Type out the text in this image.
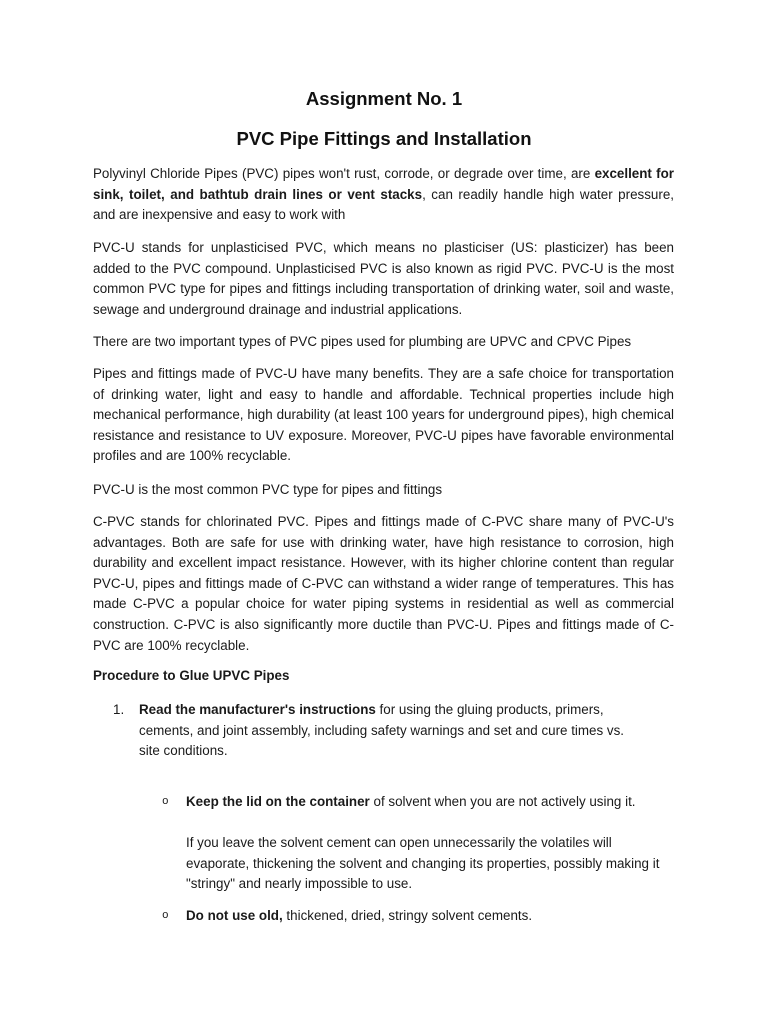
Assignment No. 1
PVC Pipe Fittings and Installation

Polyvinyl Chloride Pipes (PVC) pipes won't rust, corrode, or degrade over time, are excellent for sink, toilet, and bathtub drain lines or vent stacks, can readily handle high water pressure, and are inexpensive and easy to work with

PVC-U stands for unplasticised PVC, which means no plasticiser (US: plasticizer) has been added to the PVC compound. Unplasticised PVC is also known as rigid PVC. PVC-U is the most common PVC type for pipes and fittings including transportation of drinking water, soil and waste, sewage and underground drainage and industrial applications.

There are two important types of PVC pipes used for plumbing are UPVC and CPVC Pipes

Pipes and fittings made of PVC-U have many benefits. They are a safe choice for transportation of drinking water, light and easy to handle and affordable. Technical properties include high mechanical performance, high durability (at least 100 years for underground pipes), high chemical resistance and resistance to UV exposure. Moreover, PVC-U pipes have favorable environmental profiles and are 100% recyclable.

PVC-U is the most common PVC type for pipes and fittings

C-PVC stands for chlorinated PVC. Pipes and fittings made of C-PVC share many of PVC-U's advantages. Both are safe for use with drinking water, have high resistance to corrosion, high durability and excellent impact resistance. However, with its higher chlorine content than regular PVC-U, pipes and fittings made of C-PVC can withstand a wider range of temperatures. This has made C-PVC a popular choice for water piping systems in residential as well as commercial construction. C-PVC is also significantly more ductile than PVC-U. Pipes and fittings made of C-PVC are 100% recyclable.

Procedure to Glue UPVC Pipes

1. Read the manufacturer's instructions for using the gluing products, primers, cements, and joint assembly, including safety warnings and set and cure times vs. site conditions.
o Keep the lid on the container of solvent when you are not actively using it.
If you leave the solvent cement can open unnecessarily the volatiles will evaporate, thickening the solvent and changing its properties, possibly making it "stringy" and nearly impossible to use.
o Do not use old, thickened, dried, stringy solvent cements.
